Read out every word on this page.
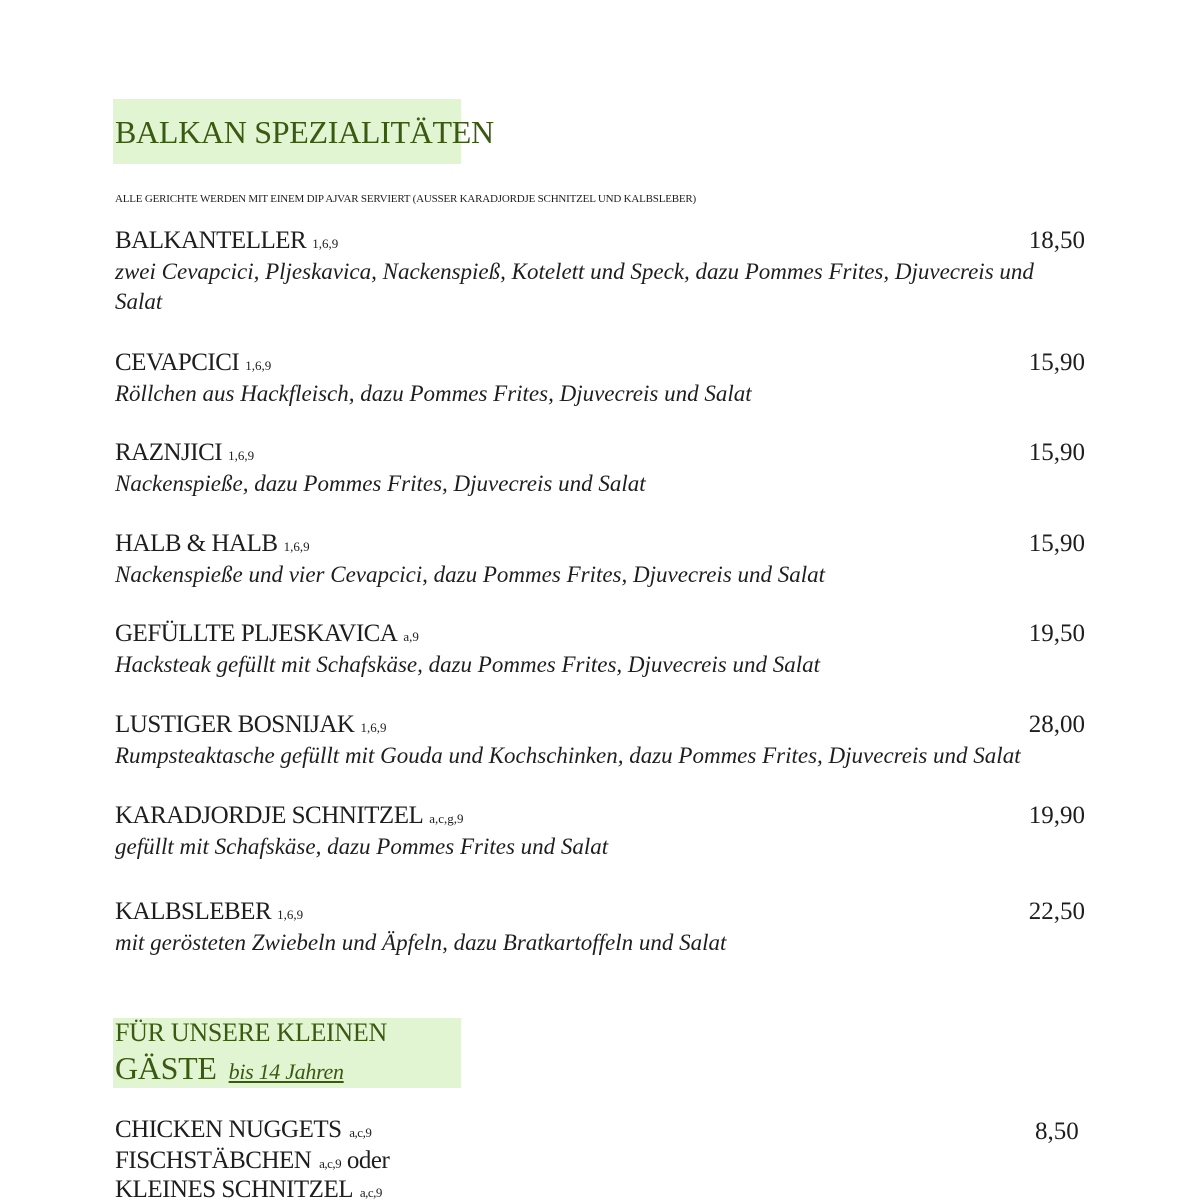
BALKAN SPEZIALITÄTEN
ALLE GERICHTE WERDEN MIT EINEM DIP AJVAR SERVIERT (AUSSER KARADJORDJE SCHNITZEL UND KALBSLEBER)
BALKANTELLER 1,6,9	18,50
zwei Cevapcici, Pljeskavica, Nackenspieß, Kotelett und Speck, dazu Pommes Frites, Djuvecreis und Salat
CEVAPCICI 1,6,9	15,90
Röllchen aus Hackfleisch, dazu Pommes Frites, Djuvecreis und Salat
RAZNJICI 1,6,9	15,90
Nackenspieße, dazu Pommes Frites, Djuvecreis und Salat
HALB & HALB 1,6,9	15,90
Nackenspieße und vier Cevapcici, dazu Pommes Frites, Djuvecreis und Salat
GEFÜLLTE PLJESKAVICA a,9	19,50
Hacksteak gefüllt mit Schafskäse, dazu Pommes Frites, Djuvecreis und Salat
LUSTIGER BOSNIJAK 1,6,9	28,00
Rumpsteaktasche gefüllt mit Gouda und Kochschinken, dazu Pommes Frites, Djuvecreis und Salat
KARADJORDJE SCHNITZEL a,c,g,9	19,90
gefüllt mit Schafskäse, dazu Pommes Frites und Salat
KALBSLEBER 1,6,9	22,50
mit gerösteten Zwiebeln und Äpfeln, dazu Bratkartoffeln und Salat
FÜR UNSERE KLEINEN
GÄSTE bis 14 Jahren
8,50
CHICKEN NUGGETS a,c,9
FISCHSTÄBCHEN a,c,9 oder
KLEINES SCHNITZEL a,c,9
